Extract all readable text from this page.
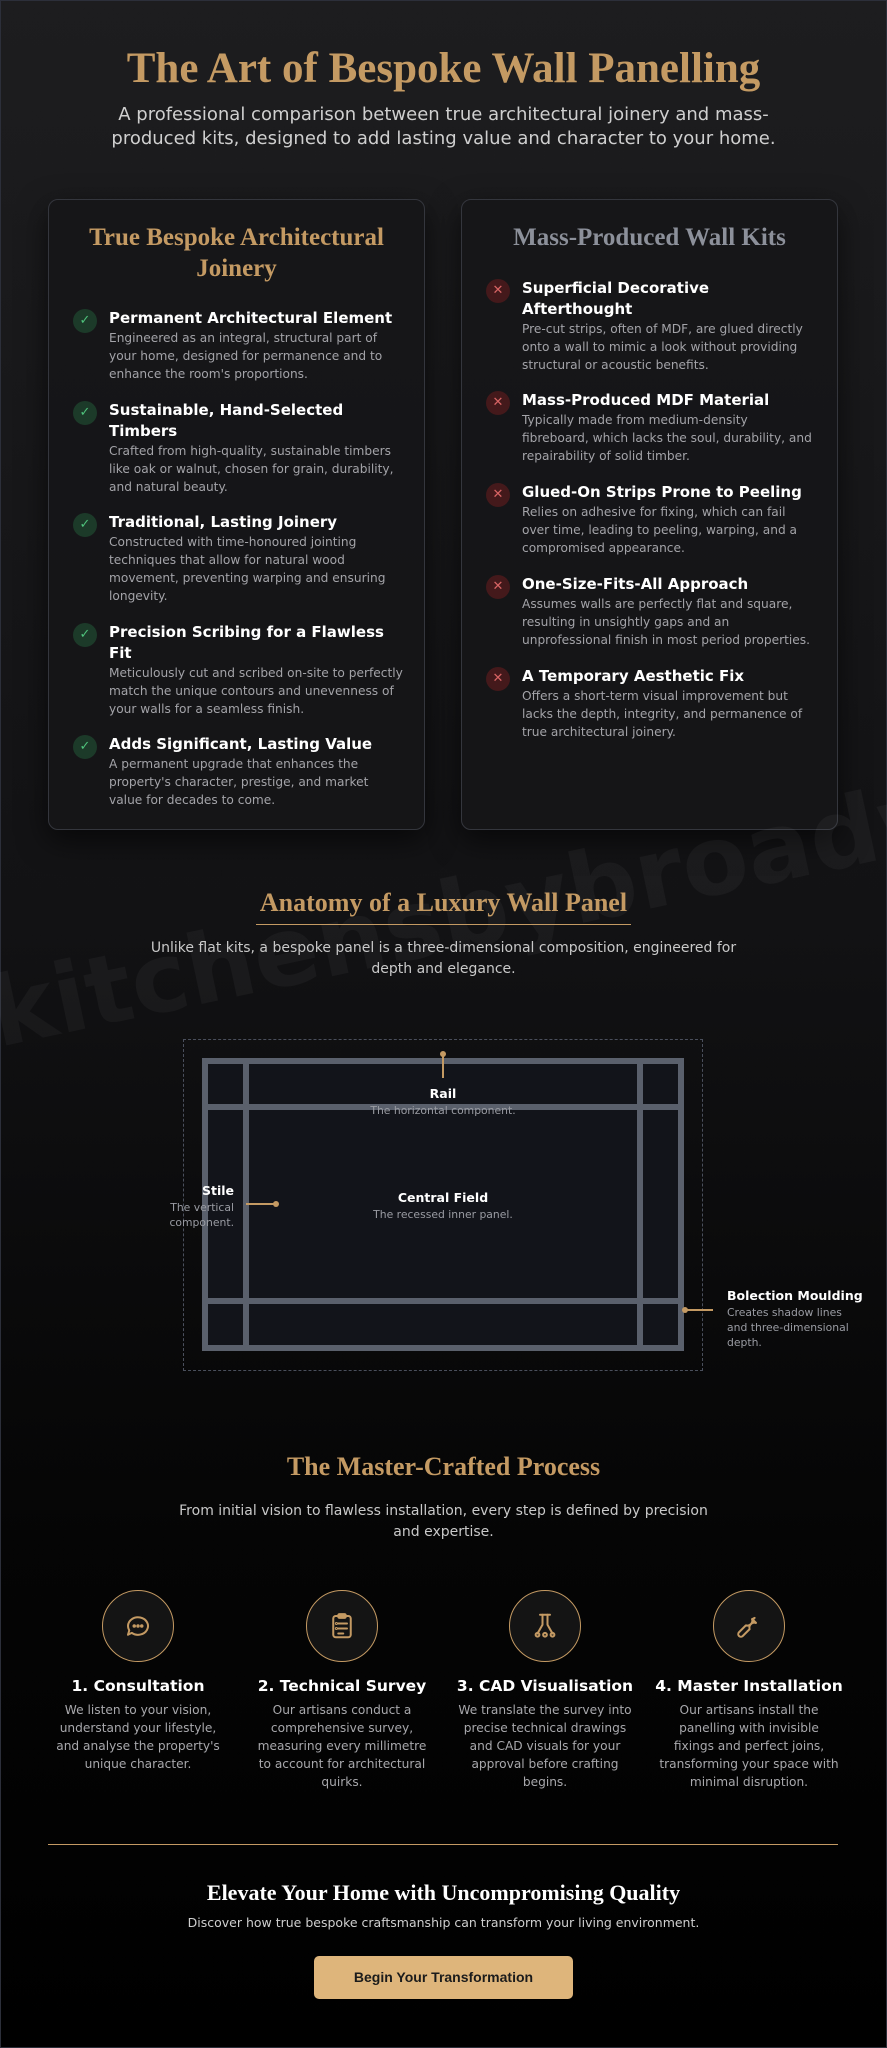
The Art of Bespoke Wall Panelling

A professional comparison between true architectural joinery and mass-produced kits, designed to add lasting value and character to your home.

True Bespoke Architectural Joinery
✓	Permanent Architectural Element
Engineered as an integral, structural part of your home, designed for permanence and to enhance the room's proportions.
✓	Sustainable, Hand-Selected Timbers
Crafted from high-quality, sustainable timbers like oak or walnut, chosen for grain, durability, and natural beauty.
✓	Traditional, Lasting Joinery
Constructed with time-honoured jointing techniques that allow for natural wood movement, preventing warping and ensuring longevity.
✓	Precision Scribing for a Flawless Fit
Meticulously cut and scribed on-site to perfectly match the unique contours and unevenness of your walls for a seamless finish.
✓	Adds Significant, Lasting Value
A permanent upgrade that enhances the property's character, prestige, and market value for decades to come.
Mass-Produced Wall Kits
✕	Superficial Decorative Afterthought
Pre-cut strips, often of MDF, are glued directly onto a wall to mimic a look without providing structural or acoustic benefits.
✕	Mass-Produced MDF Material
Typically made from medium-density fibreboard, which lacks the soul, durability, and repairability of solid timber.
✕	Glued-On Strips Prone to Peeling
Relies on adhesive for fixing, which can fail over time, leading to peeling, warping, and a compromised appearance.
✕	One-Size-Fits-All Approach
Assumes walls are perfectly flat and square, resulting in unsightly gaps and an unprofessional finish in most period properties.
✕	A Temporary Aesthetic Fix
Offers a short-term visual improvement but lacks the depth, integrity, and permanence of true architectural joinery.
Anatomy of a Luxury Wall Panel

Unlike flat kits, a bespoke panel is a three-dimensional composition, engineered for depth and elegance.

Rail
The horizontal component.
Stile
The vertical
component.
Central Field
The recessed inner panel.
Bolection Moulding
Creates shadow lines
and three-dimensional depth.
The Master-Crafted Process

From initial vision to flawless installation, every step is defined by precision and expertise.

1. Consultation
We listen to your vision, understand your lifestyle, and analyse the property's unique character.
2. Technical Survey
Our artisans conduct a comprehensive survey, measuring every millimetre to account for architectural quirks.
3. CAD Visualisation
We translate the survey into precise technical drawings and CAD visuals for your approval before crafting begins.
4. Master Installation
Our artisans install the panelling with invisible fixings and perfect joins, transforming your space with minimal disruption.
Elevate Your Home with Uncompromising Quality

Discover how true bespoke craftsmanship can transform your living environment.

Begin Your Transformation
